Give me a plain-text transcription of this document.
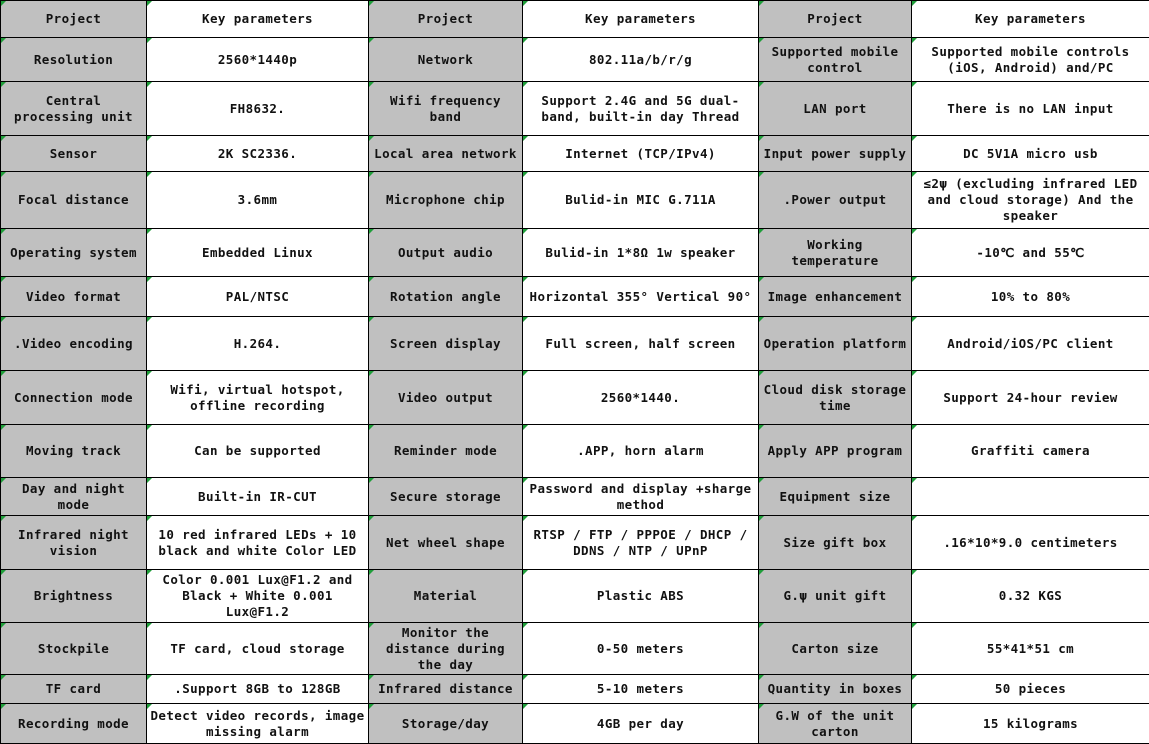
Project	Key parameters	Project	Key parameters	Project	Key parameters
Resolution	2560*1440p	Network	802.11a/b/r/g	Supported mobile control	Supported mobile controls (iOS, Android) and/PC
Central processing unit	FH8632.	Wifi frequency band	Support 2.4G and 5G dual-band, built-in day Thread	LAN port	There is no LAN input
Sensor	2K SC2336.	Local area network	Internet (TCP/IPv4)	Input power supply	DC 5V1A micro usb
Focal distance	3.6mm	Microphone chip	Bulid-in MIC G.711A	.Power output	≤2ψ (excluding infrared LED and cloud storage) And the speaker
Operating system	Embedded Linux	Output audio	Bulid-in 1*8Ω 1w speaker	Working temperature	-10℃ and 55℃
Video format	PAL/NTSC	Rotation angle	Horizontal 355° Vertical 90°	Image enhancement	10% to 80%
.Video encoding	H.264.	Screen display	Full screen, half screen	Operation platform	Android/iOS/PC client
Connection mode	Wifi, virtual hotspot, offline recording	Video output	2560*1440.	Cloud disk storage time	Support 24-hour review
Moving track	Can be supported	Reminder mode	.APP, horn alarm	Apply APP program	Graffiti camera
Day and night mode	Built-in IR-CUT	Secure storage	Password and display +sharge method	Equipment size	
Infrared night vision	10 red infrared LEDs + 10 black and white Color LED	Net wheel shape	RTSP / FTP / PPPOE / DHCP / DDNS / NTP / UPnP	Size gift box	.16*10*9.0 centimeters
Brightness	Color 0.001 Lux@F1.2 and Black + White 0.001 Lux@F1.2	Material	Plastic ABS	G.ψ unit gift	0.32 KGS
Stockpile	TF card, cloud storage	Monitor the distance during the day	0-50 meters	Carton size	55*41*51 cm
TF card	.Support 8GB to 128GB	Infrared distance	5-10 meters	Quantity in boxes	50 pieces
Recording mode	Detect video records, image missing alarm	Storage/day	4GB per day	G.W of the unit carton	15 kilograms
